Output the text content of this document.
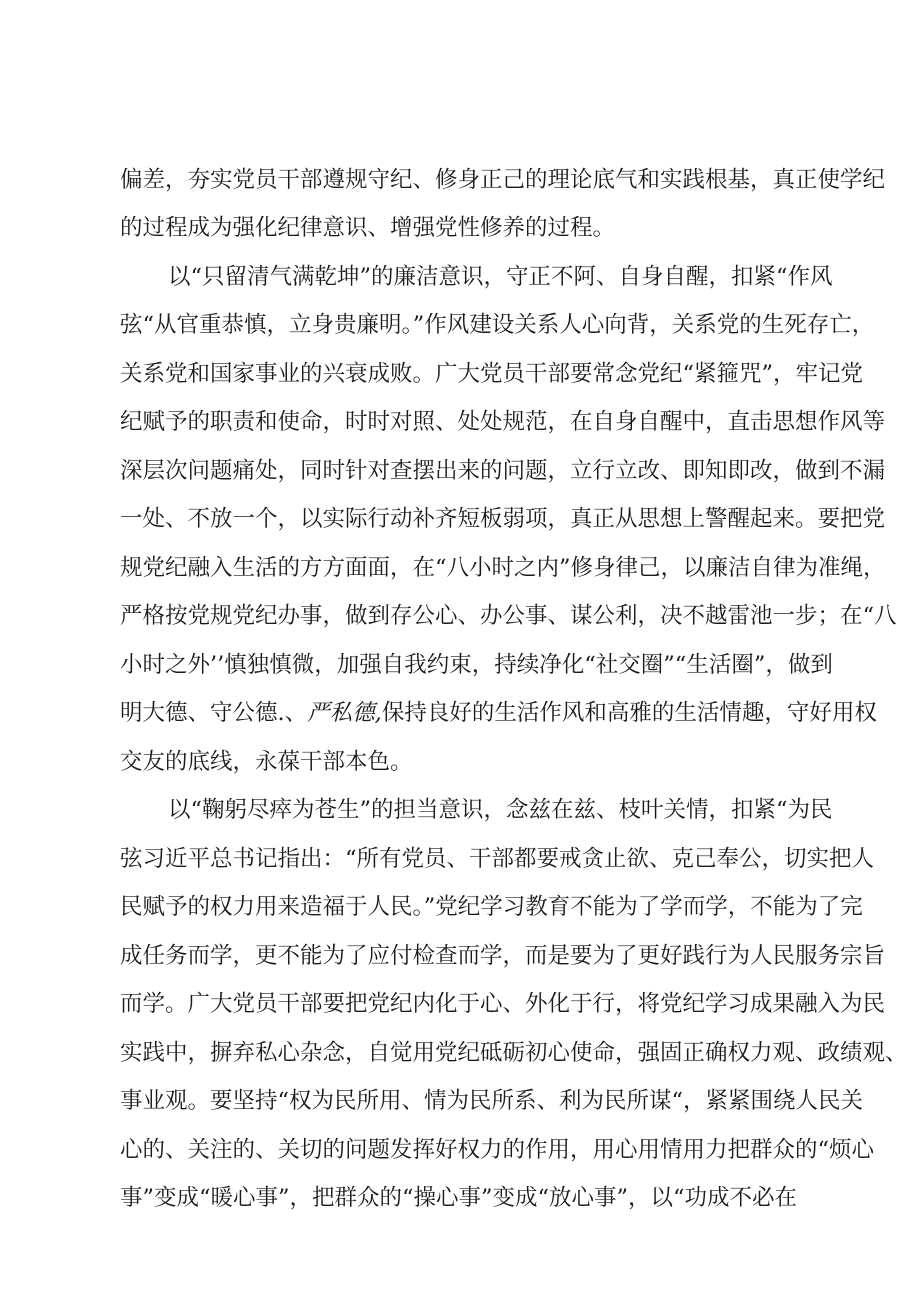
偏差，夯实党员干部遵规守纪、修身正己的理论底气和实践根基，真正使学纪
的过程成为强化纪律意识、增强党性修养的过程。
以“只留清气满乾坤”的廉洁意识，守正不阿、自身自醒，扣紧“作风
弦“从官重恭慎，立身贵廉明。”作风建设关系人心向背，关系党的生死存亡，
关系党和国家事业的兴衰成败。广大党员干部要常念党纪“紧箍咒”，牢记党
纪赋予的职责和使命，时时对照、处处规范，在自身自醒中，直击思想作风等
深层次问题痛处，同时针对查摆出来的问题，立行立改、即知即改，做到不漏
一处、不放一个，以实际行动补齐短板弱项，真正从思想上警醒起来。要把党
规党纪融入生活的方方面面，在“八小时之内”修身律己，以廉洁自律为准绳，
严格按党规党纪办事，做到存公心、办公事、谋公利，决不越雷池一步；在“八
小时之外’’慎独慎微，加强自我约束，持续净化“社交圈”“生活圈”，做到
明大德、守公德.、严私德,保持良好的生活作风和高雅的生活情趣，守好用权
交友的底线，永葆干部本色。
以“鞠躬尽瘁为苍生”的担当意识，念兹在兹、枝叶关情，扣紧“为民
弦习近平总书记指出：“所有党员、干部都要戒贪止欲、克己奉公，切实把人
民赋予的权力用来造福于人民。”党纪学习教育不能为了学而学，不能为了完
成任务而学，更不能为了应付检查而学，而是要为了更好践行为人民服务宗旨
而学。广大党员干部要把党纪内化于心、外化于行，将党纪学习成果融入为民
实践中，摒弃私心杂念，自觉用党纪砥砺初心使命，强固正确权力观、政绩观、
事业观。要坚持“权为民所用、情为民所系、利为民所谋“，紧紧围绕人民关
心的、关注的、关切的问题发挥好权力的作用，用心用情用力把群众的“烦心
事”变成“暖心事”，把群众的“操心事”变成“放心事”，以“功成不必在
